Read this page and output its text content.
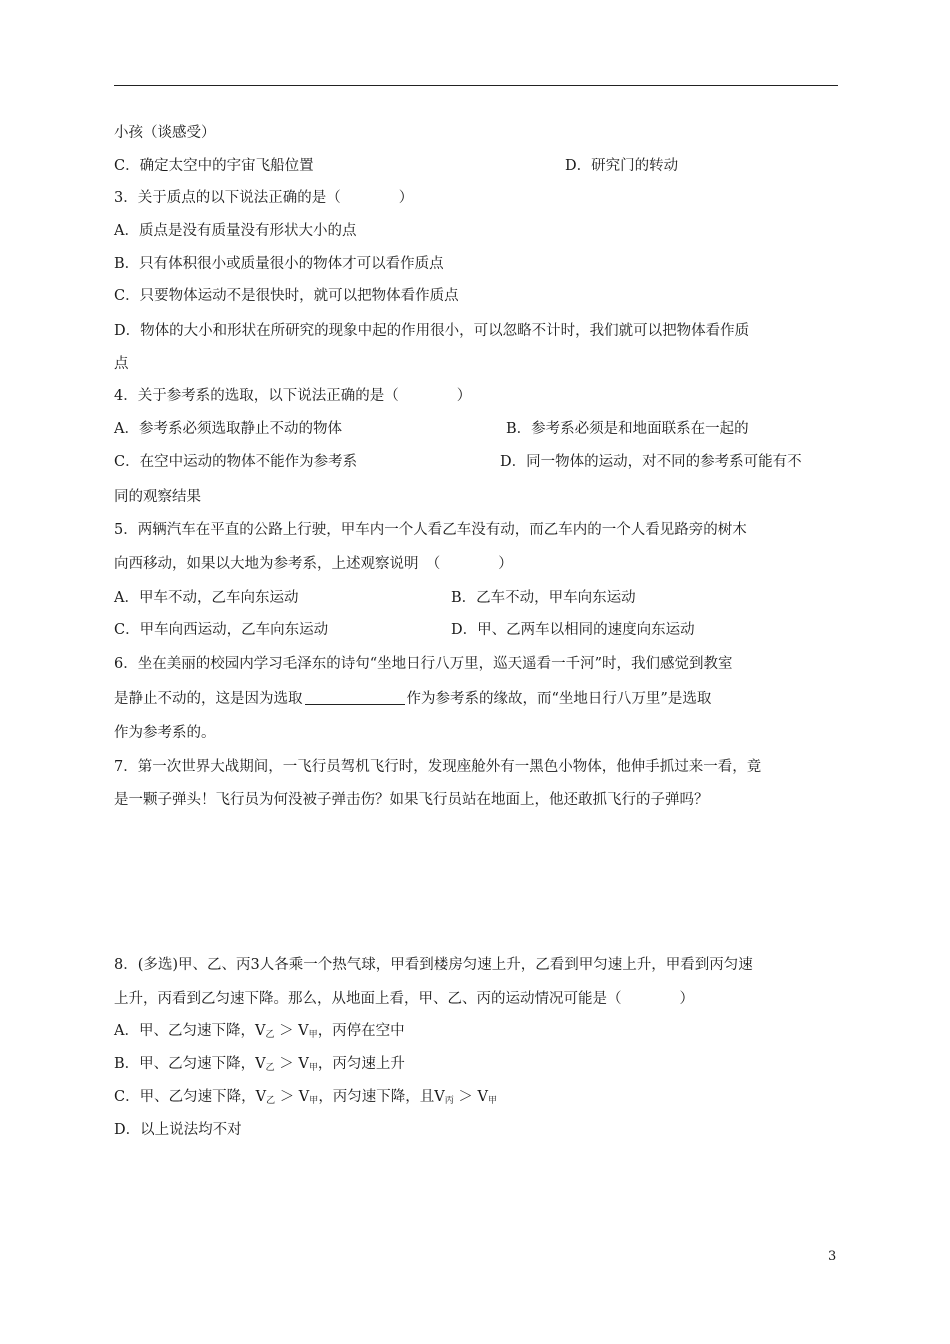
小孩（谈感受）
C．确定太空中的宇宙飞船位置	D．研究门的转动
3．关于质点的以下说法正确的是（　　　　）
A．质点是没有质量没有形状大小的点
B．只有体积很小或质量很小的物体才可以看作质点
C．只要物体运动不是很快时，就可以把物体看作质点
D．物体的大小和形状在所研究的现象中起的作用很小，可以忽略不计时，我们就可以把物体看作质
点
4．关于参考系的选取，以下说法正确的是（　　　　）
A．参考系必须选取静止不动的物体	B．参考系必须是和地面联系在一起的
C．在空中运动的物体不能作为参考系	D．同一物体的运动，对不同的参考系可能有不
同的观察结果
5．两辆汽车在平直的公路上行驶，甲车内一个人看乙车没有动，而乙车内的一个人看见路旁的树木
向西移动，如果以大地为参考系，上述观察说明　（　　　　）
A．甲车不动，乙车向东运动	B．乙车不动，甲车向东运动
C．甲车向西运动，乙车向东运动	D．甲、乙两车以相同的速度向东运动
6．坐在美丽的校园内学习毛泽东的诗句“坐地日行八万里，巡天遥看一千河”时，我们感觉到教室
是静止不动的，这是因为选取	作为参考系的缘故，而“坐地日行八万里”是选取
作为参考系的。
7．第一次世界大战期间，一飞行员驾机飞行时，发现座舱外有一黑色小物体，他伸手抓过来一看，竟
是一颗子弹头！飞行员为何没被子弹击伤？如果飞行员站在地面上，他还敢抓飞行的子弹吗？
8．(多选)甲、乙、丙3人各乘一个热气球，甲看到楼房匀速上升，乙看到甲匀速上升，甲看到丙匀速
上升，丙看到乙匀速下降。那么，从地面上看，甲、乙、丙的运动情况可能是（　　　　）
A．甲、乙匀速下降，$V_乙 > V_甲$，丙停在空中
B．甲、乙匀速下降，$V_乙 > V_甲$，丙匀速上升
C．甲、乙匀速下降，$V_乙 > V_甲$，丙匀速下降，且$V_丙 > V_甲$
D．以上说法均不对
3
